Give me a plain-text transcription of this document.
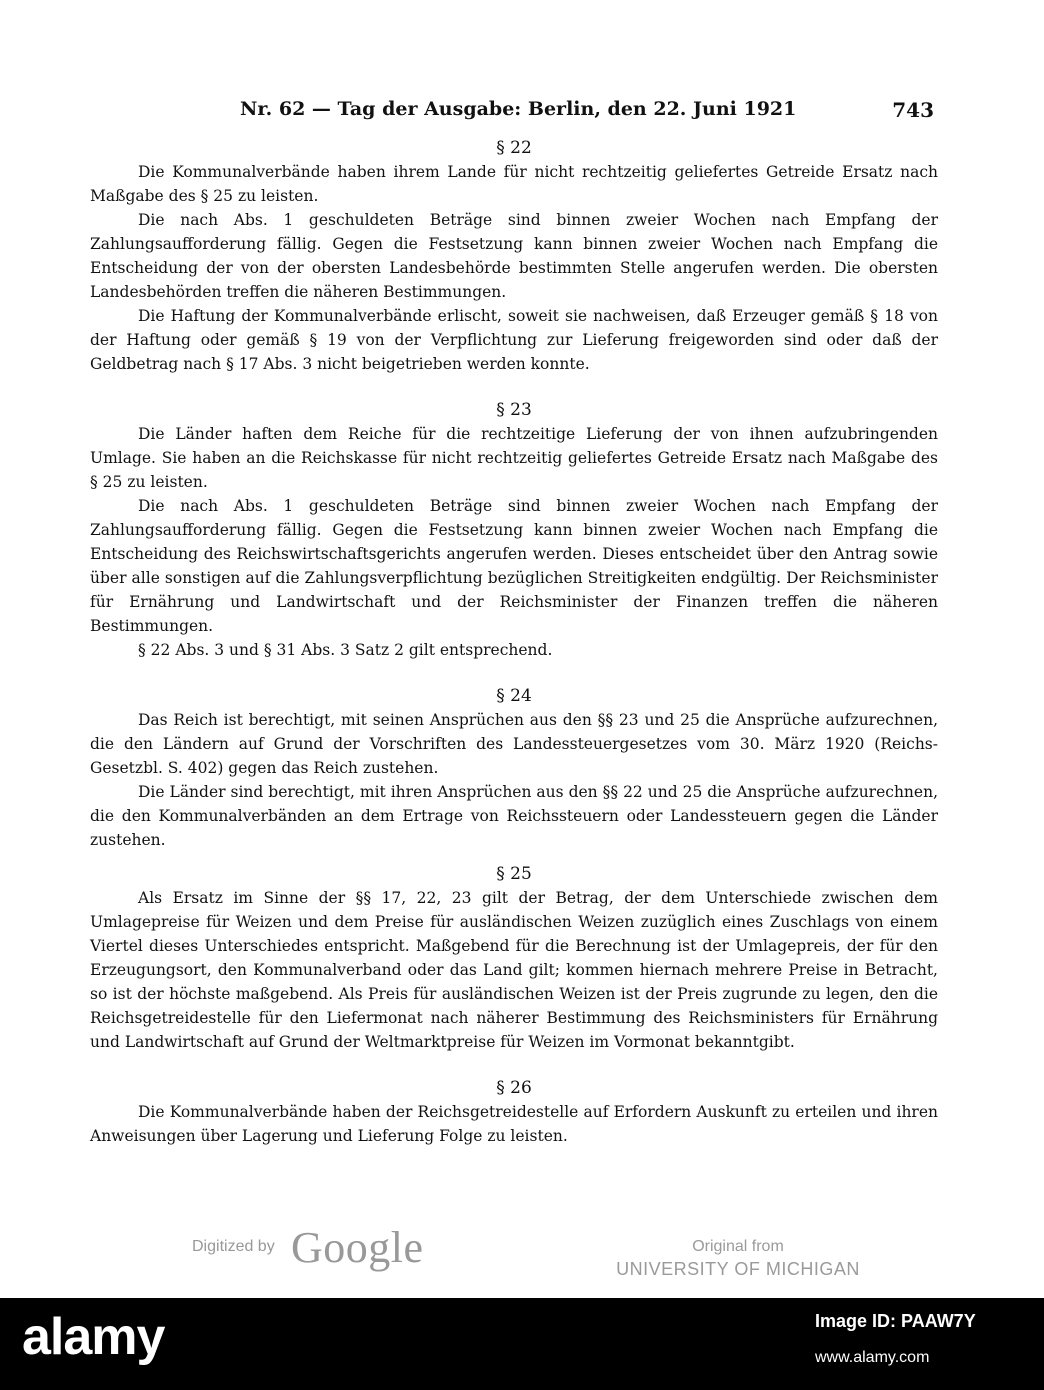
Nr. 62 — Tag der Ausgabe: Berlin, den 22. Juni 1921	743
§ 22

Die Kommunalverbände haben ihrem Lande für nicht rechtzeitig geliefertes Getreide Ersatz nach Maßgabe des § 25 zu leisten.

Die nach Abs. 1 geschuldeten Beträge sind binnen zweier Wochen nach Empfang der Zahlungsaufforderung fällig. Gegen die Festsetzung kann binnen zweier Wochen nach Empfang die Entscheidung der von der obersten Landesbehörde bestimmten Stelle angerufen werden. Die obersten Landesbehörden treffen die näheren Bestimmungen.

Die Haftung der Kommunalverbände erlischt, soweit sie nachweisen, daß Erzeuger gemäß § 18 von der Haftung oder gemäß § 19 von der Verpflichtung zur Lieferung freigeworden sind oder daß der Geldbetrag nach § 17 Abs. 3 nicht beigetrieben werden konnte.

§ 23

Die Länder haften dem Reiche für die rechtzeitige Lieferung der von ihnen aufzubringenden Umlage. Sie haben an die Reichskasse für nicht rechtzeitig geliefertes Getreide Ersatz nach Maßgabe des § 25 zu leisten.

Die nach Abs. 1 geschuldeten Beträge sind binnen zweier Wochen nach Empfang der Zahlungsaufforderung fällig. Gegen die Festsetzung kann binnen zweier Wochen nach Empfang die Entscheidung des Reichswirtschaftsgerichts angerufen werden. Dieses entscheidet über den Antrag sowie über alle sonstigen auf die Zahlungsverpflichtung bezüglichen Streitigkeiten endgültig. Der Reichsminister für Ernährung und Landwirtschaft und der Reichsminister der Finanzen treffen die näheren Bestimmungen.

§ 22 Abs. 3 und § 31 Abs. 3 Satz 2 gilt entsprechend.

§ 24

Das Reich ist berechtigt, mit seinen Ansprüchen aus den §§ 23 und 25 die Ansprüche aufzurechnen, die den Ländern auf Grund der Vorschriften des Landessteuergesetzes vom 30. März 1920 (Reichs-Gesetzbl. S. 402) gegen das Reich zustehen.

Die Länder sind berechtigt, mit ihren Ansprüchen aus den §§ 22 und 25 die Ansprüche aufzurechnen, die den Kommunalverbänden an dem Ertrage von Reichssteuern oder Landessteuern gegen die Länder zustehen.

§ 25

Als Ersatz im Sinne der §§ 17, 22, 23 gilt der Betrag, der dem Unterschiede zwischen dem Umlagepreise für Weizen und dem Preise für ausländischen Weizen zuzüglich eines Zuschlags von einem Viertel dieses Unterschiedes entspricht. Maßgebend für die Berechnung ist der Umlagepreis, der für den Erzeugungsort, den Kommunalverband oder das Land gilt; kommen hiernach mehrere Preise in Betracht, so ist der höchste maßgebend. Als Preis für ausländischen Weizen ist der Preis zugrunde zu legen, den die Reichsgetreidestelle für den Liefermonat nach näherer Bestimmung des Reichsministers für Ernährung und Landwirtschaft auf Grund der Weltmarktpreise für Weizen im Vormonat bekanntgibt.

§ 26

Die Kommunalverbände haben der Reichsgetreidestelle auf Erfordern Auskunft zu erteilen und ihren Anweisungen über Lagerung und Lieferung Folge zu leisten.

Digitized by Google	Original from
UNIVERSITY OF MICHIGAN
alamy	Image ID: PAAW7Y
www.alamy.com
